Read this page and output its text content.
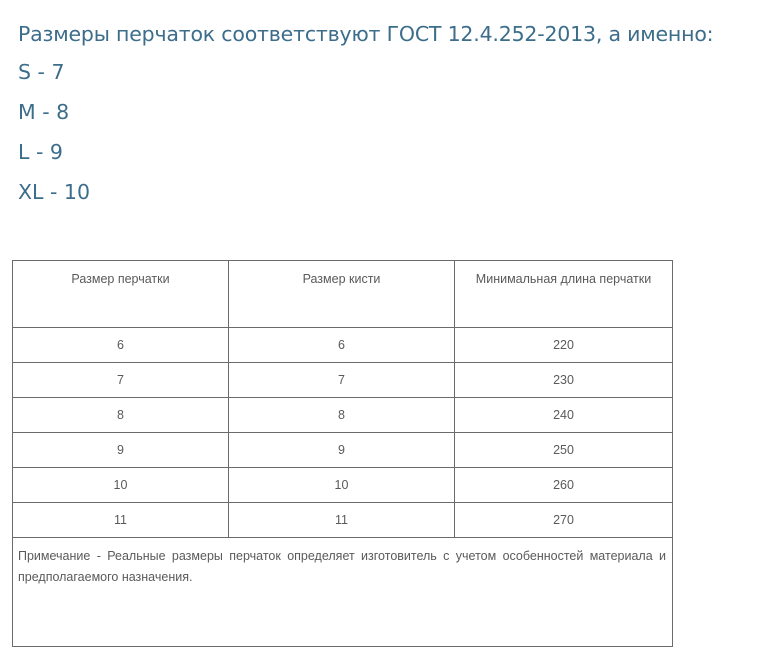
Размеры перчаток соответствуют ГОСТ 12.4.252-2013, а именно:
S - 7
M - 8
L - 9
XL - 10
Размер перчатки	Размер кисти	Минимальная длина перчатки
6	6	220
7	7	230
8	8	240
9	9	250
10	10	260
11	11	270
Примечание - Реальные размеры перчаток определяет изготовитель с учетом особенностей материала и предполагаемого назначения.		
